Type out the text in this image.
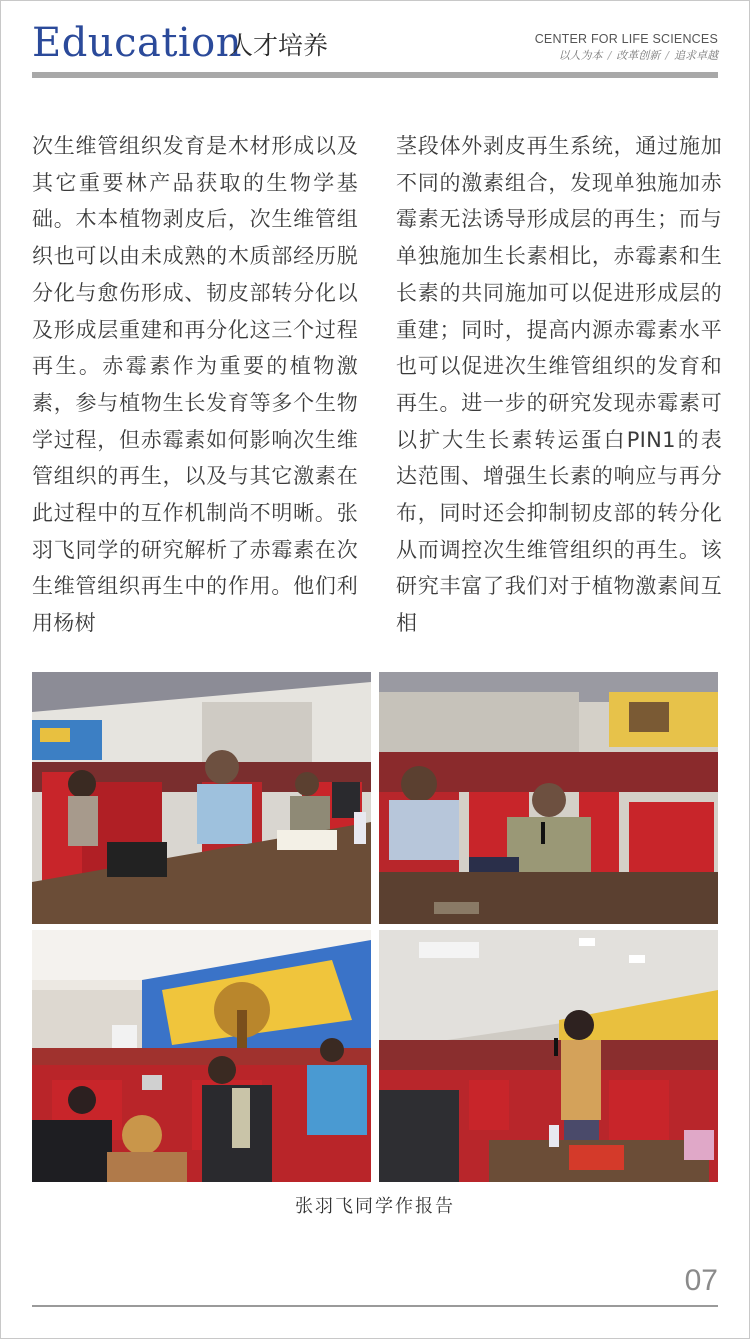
Education
人才培养	CENTER FOR LIFE SCIENCES
以人为本 / 改革创新 / 追求卓越
次生维管组织发育是木材形成以及其它重要林产品获取的生物学基础。木本植物剥皮后，次生维管组织也可以由未成熟的木质部经历脱分化与愈伤形成、韧皮部转分化以及形成层重建和再分化这三个过程再生。赤霉素作为重要的植物激素，参与植物生长发育等多个生物学过程，但赤霉素如何影响次生维管组织的再生，以及与其它激素在此过程中的互作机制尚不明晰。张羽飞同学的研究解析了赤霉素在次生维管组织再生中的作用。他们利用杨树
茎段体外剥皮再生系统，通过施加不同的激素组合，发现单独施加赤霉素无法诱导形成层的再生；而与单独施加生长素相比，赤霉素和生长素的共同施加可以促进形成层的重建；同时，提高内源赤霉素水平也可以促进次生维管组织的发育和再生。进一步的研究发现赤霉素可以扩大生长素转运蛋白PIN1的表达范围、增强生长素的响应与再分布，同时还会抑制韧皮部的转分化从而调控次生维管组织的再生。该研究丰富了我们对于植物激素间互相
张羽飞同学作报告
07
